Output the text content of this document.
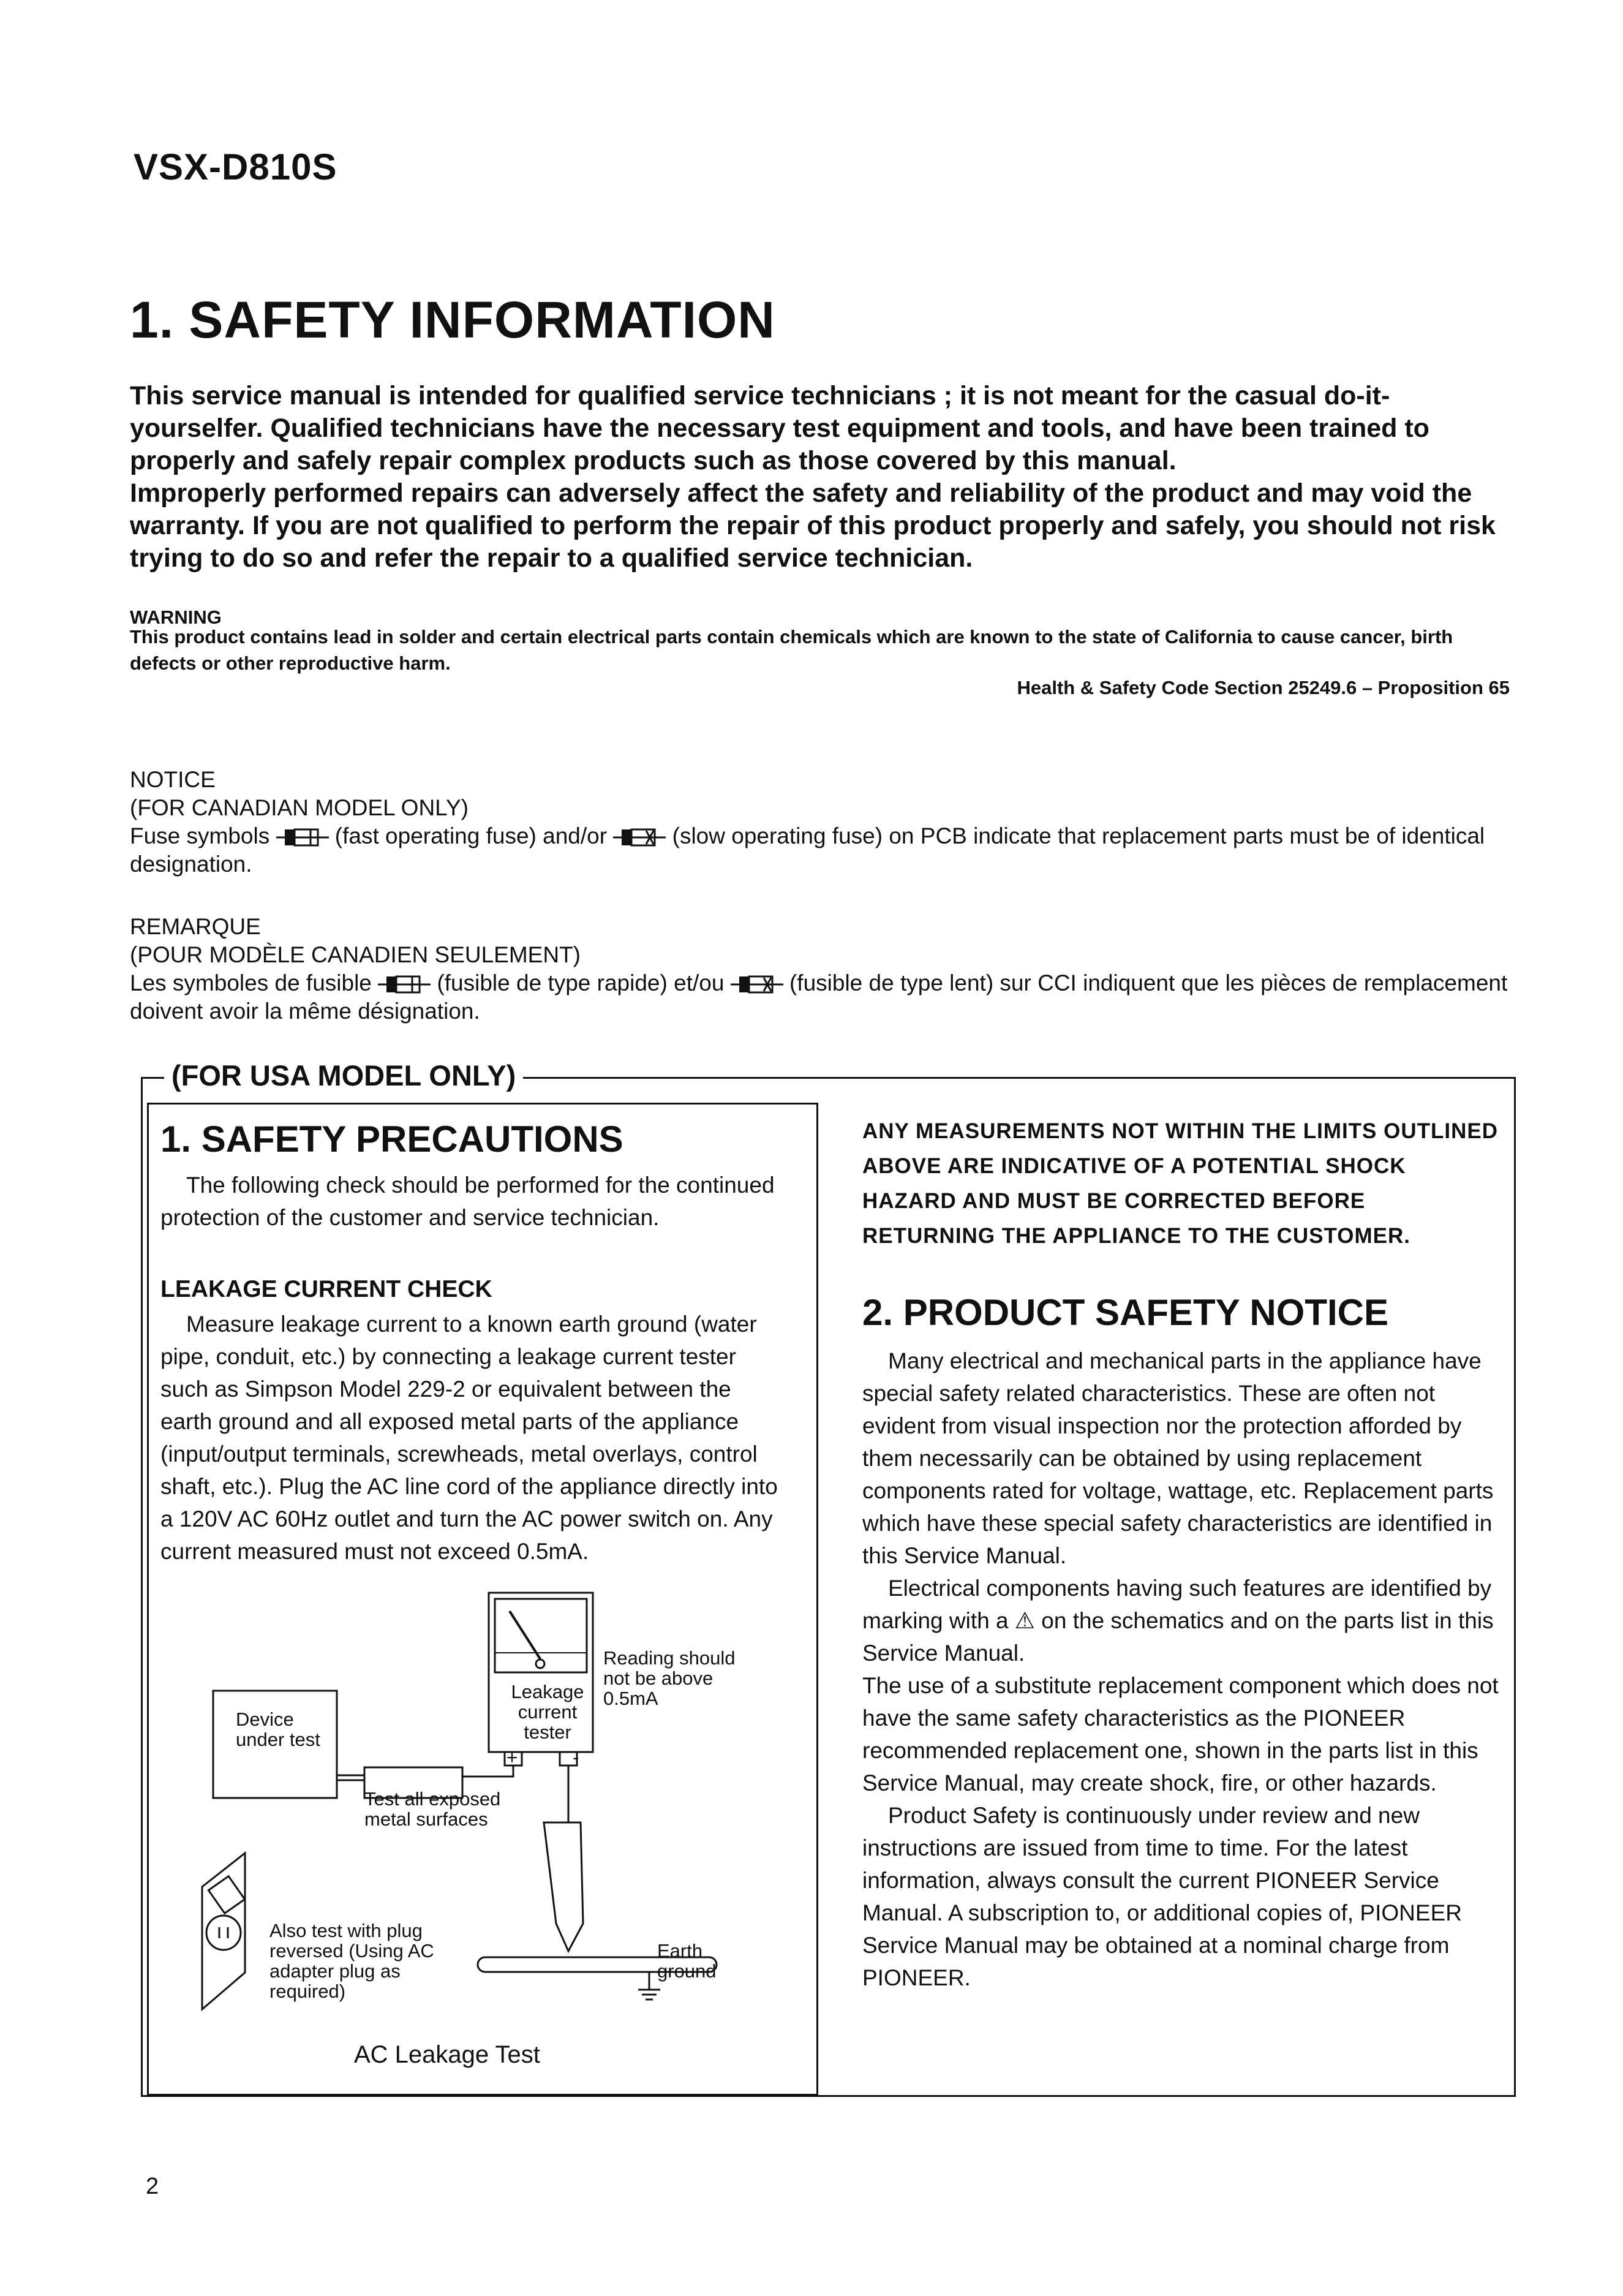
VSX-D810S
1. SAFETY INFORMATION

This service manual is intended for qualified service technicians ; it is not meant for the casual do-it-yourselfer. Qualified technicians have the necessary test equipment and tools, and have been trained to properly and safely repair complex products such as those covered by this manual.

Improperly performed repairs can adversely affect the safety and reliability of the product and may void the warranty. If you are not qualified to perform the repair of this product properly and safely, you should not risk trying to do so and refer the repair to a qualified service technician.

WARNING
This product contains lead in solder and certain electrical parts contain chemicals which are known to the state of California to cause cancer, birth defects or other reproductive harm.
Health & Safety Code Section 25249.6 – Proposition 65
NOTICE
(FOR CANADIAN MODEL ONLY)
Fuse symbols	(fast operating fuse) and/or	(slow operating fuse) on PCB indicate that replacement parts must be of identical designation.
REMARQUE
(POUR MODÈLE CANADIEN SEULEMENT)
Les symboles de fusible	(fusible de type rapide) et/ou	(fusible de type lent) sur CCI indiquent que les pièces de remplacement doivent avoir la même désignation.
(FOR USA MODEL ONLY)
1. SAFETY PRECAUTIONS

The following check should be performed for the continued protection of the customer and service technician.

LEAKAGE CURRENT CHECK

Measure leakage current to a known earth ground (water pipe, conduit, etc.) by connecting a leakage current tester such as Simpson Model 229-2 or equivalent between the earth ground and all exposed metal parts of the appliance (input/output terminals, screwheads, metal overlays, control shaft, etc.). Plug the AC line cord of the appliance directly into a 120V AC 60Hz outlet and turn the AC power switch on. Any current measured must not exceed 0.5mA.

Device under test
Leakage current tester
Reading should not be above 0.5mA
+	-
Test all exposed metal surfaces
Also test with plug reversed (Using AC adapter plug as required)
Earth ground
AC Leakage Test
ANY MEASUREMENTS NOT WITHIN THE LIMITS OUTLINED ABOVE ARE INDICATIVE OF A POTENTIAL SHOCK HAZARD AND MUST BE CORRECTED BEFORE RETURNING THE APPLIANCE TO THE CUSTOMER.
2. PRODUCT SAFETY NOTICE

Many electrical and mechanical parts in the appliance have special safety related characteristics. These are often not evident from visual inspection nor the protection afforded by them necessarily can be obtained by using replacement components rated for voltage, wattage, etc. Replacement parts which have these special safety characteristics are identified in this Service Manual.

Electrical components having such features are identified by marking with a ⚠ on the schematics and on the parts list in this Service Manual.

The use of a substitute replacement component which does not have the same safety characteristics as the PIONEER recommended replacement one, shown in the parts list in this Service Manual, may create shock, fire, or other hazards.

Product Safety is continuously under review and new instructions are issued from time to time. For the latest information, always consult the current PIONEER Service Manual. A subscription to, or additional copies of, PIONEER Service Manual may be obtained at a nominal charge from PIONEER.

2
